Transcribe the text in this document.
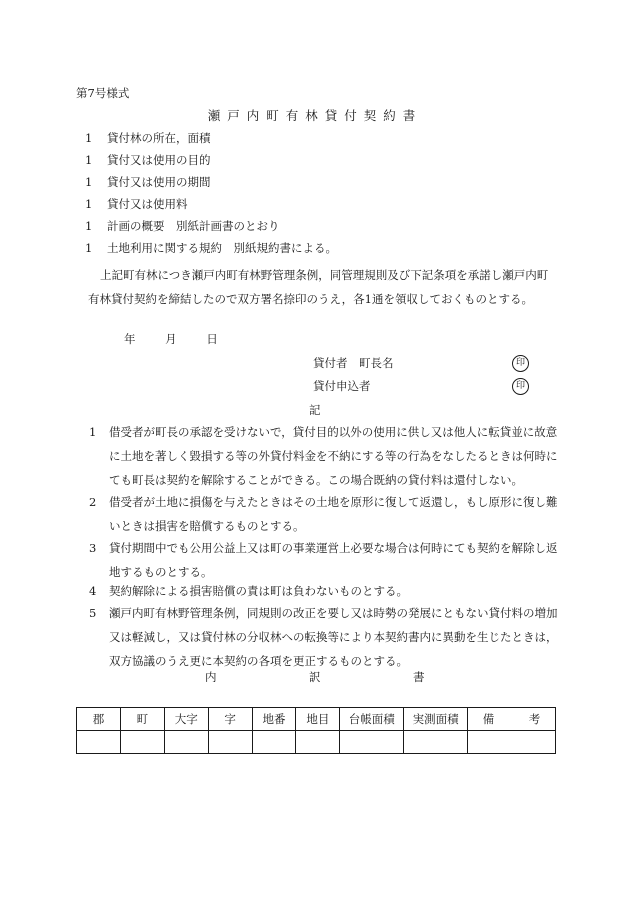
第7号様式
瀬戸内町有林貸付契約書
1 貸付林の所在，面積
1 貸付又は使用の目的
1 貸付又は使用の期間
1 貸付又は使用料
1 計画の概要　別紙計画書のとおり
1 土地利用に関する規約　別紙規約書による。
上記町有林につき瀬戸内町有林野管理条例，同管理規則及び下記条項を承諾し瀬戸内町有林貸付契約を締結したので双方署名捺印のうえ，各1通を領収しておくものとする。
年	月	日
貸付者　町長名	印
貸付申込者	印
記
1 借受者が町長の承認を受けないで，貸付目的以外の使用に供し又は他人に転貸並に故意に土地を著しく毀損する等の外貸付料金を不納にする等の行為をなしたるときは何時にても町長は契約を解除することができる。この場合既納の貸付料は還付しない。
2 借受者が土地に損傷を与えたときはその土地を原形に復して返還し，もし原形に復し難いときは損害を賠償するものとする。
3 貸付期間中でも公用公益上又は町の事業運営上必要な場合は何時にても契約を解除し返地するものとする。
4 契約解除による損害賠償の責は町は負わないものとする。
5 瀬戸内町有林野管理条例，同規則の改正を要し又は時勢の発展にともない貸付料の増加又は軽減し，又は貸付林の分収林への転換等により本契約書内に異動を生じたときは，双方協議のうえ更に本契約の各項を更正するものとする。
内	訳	書
郡	町	大字	字	地番	地目	台帳面積	実測面積	備　　　考
